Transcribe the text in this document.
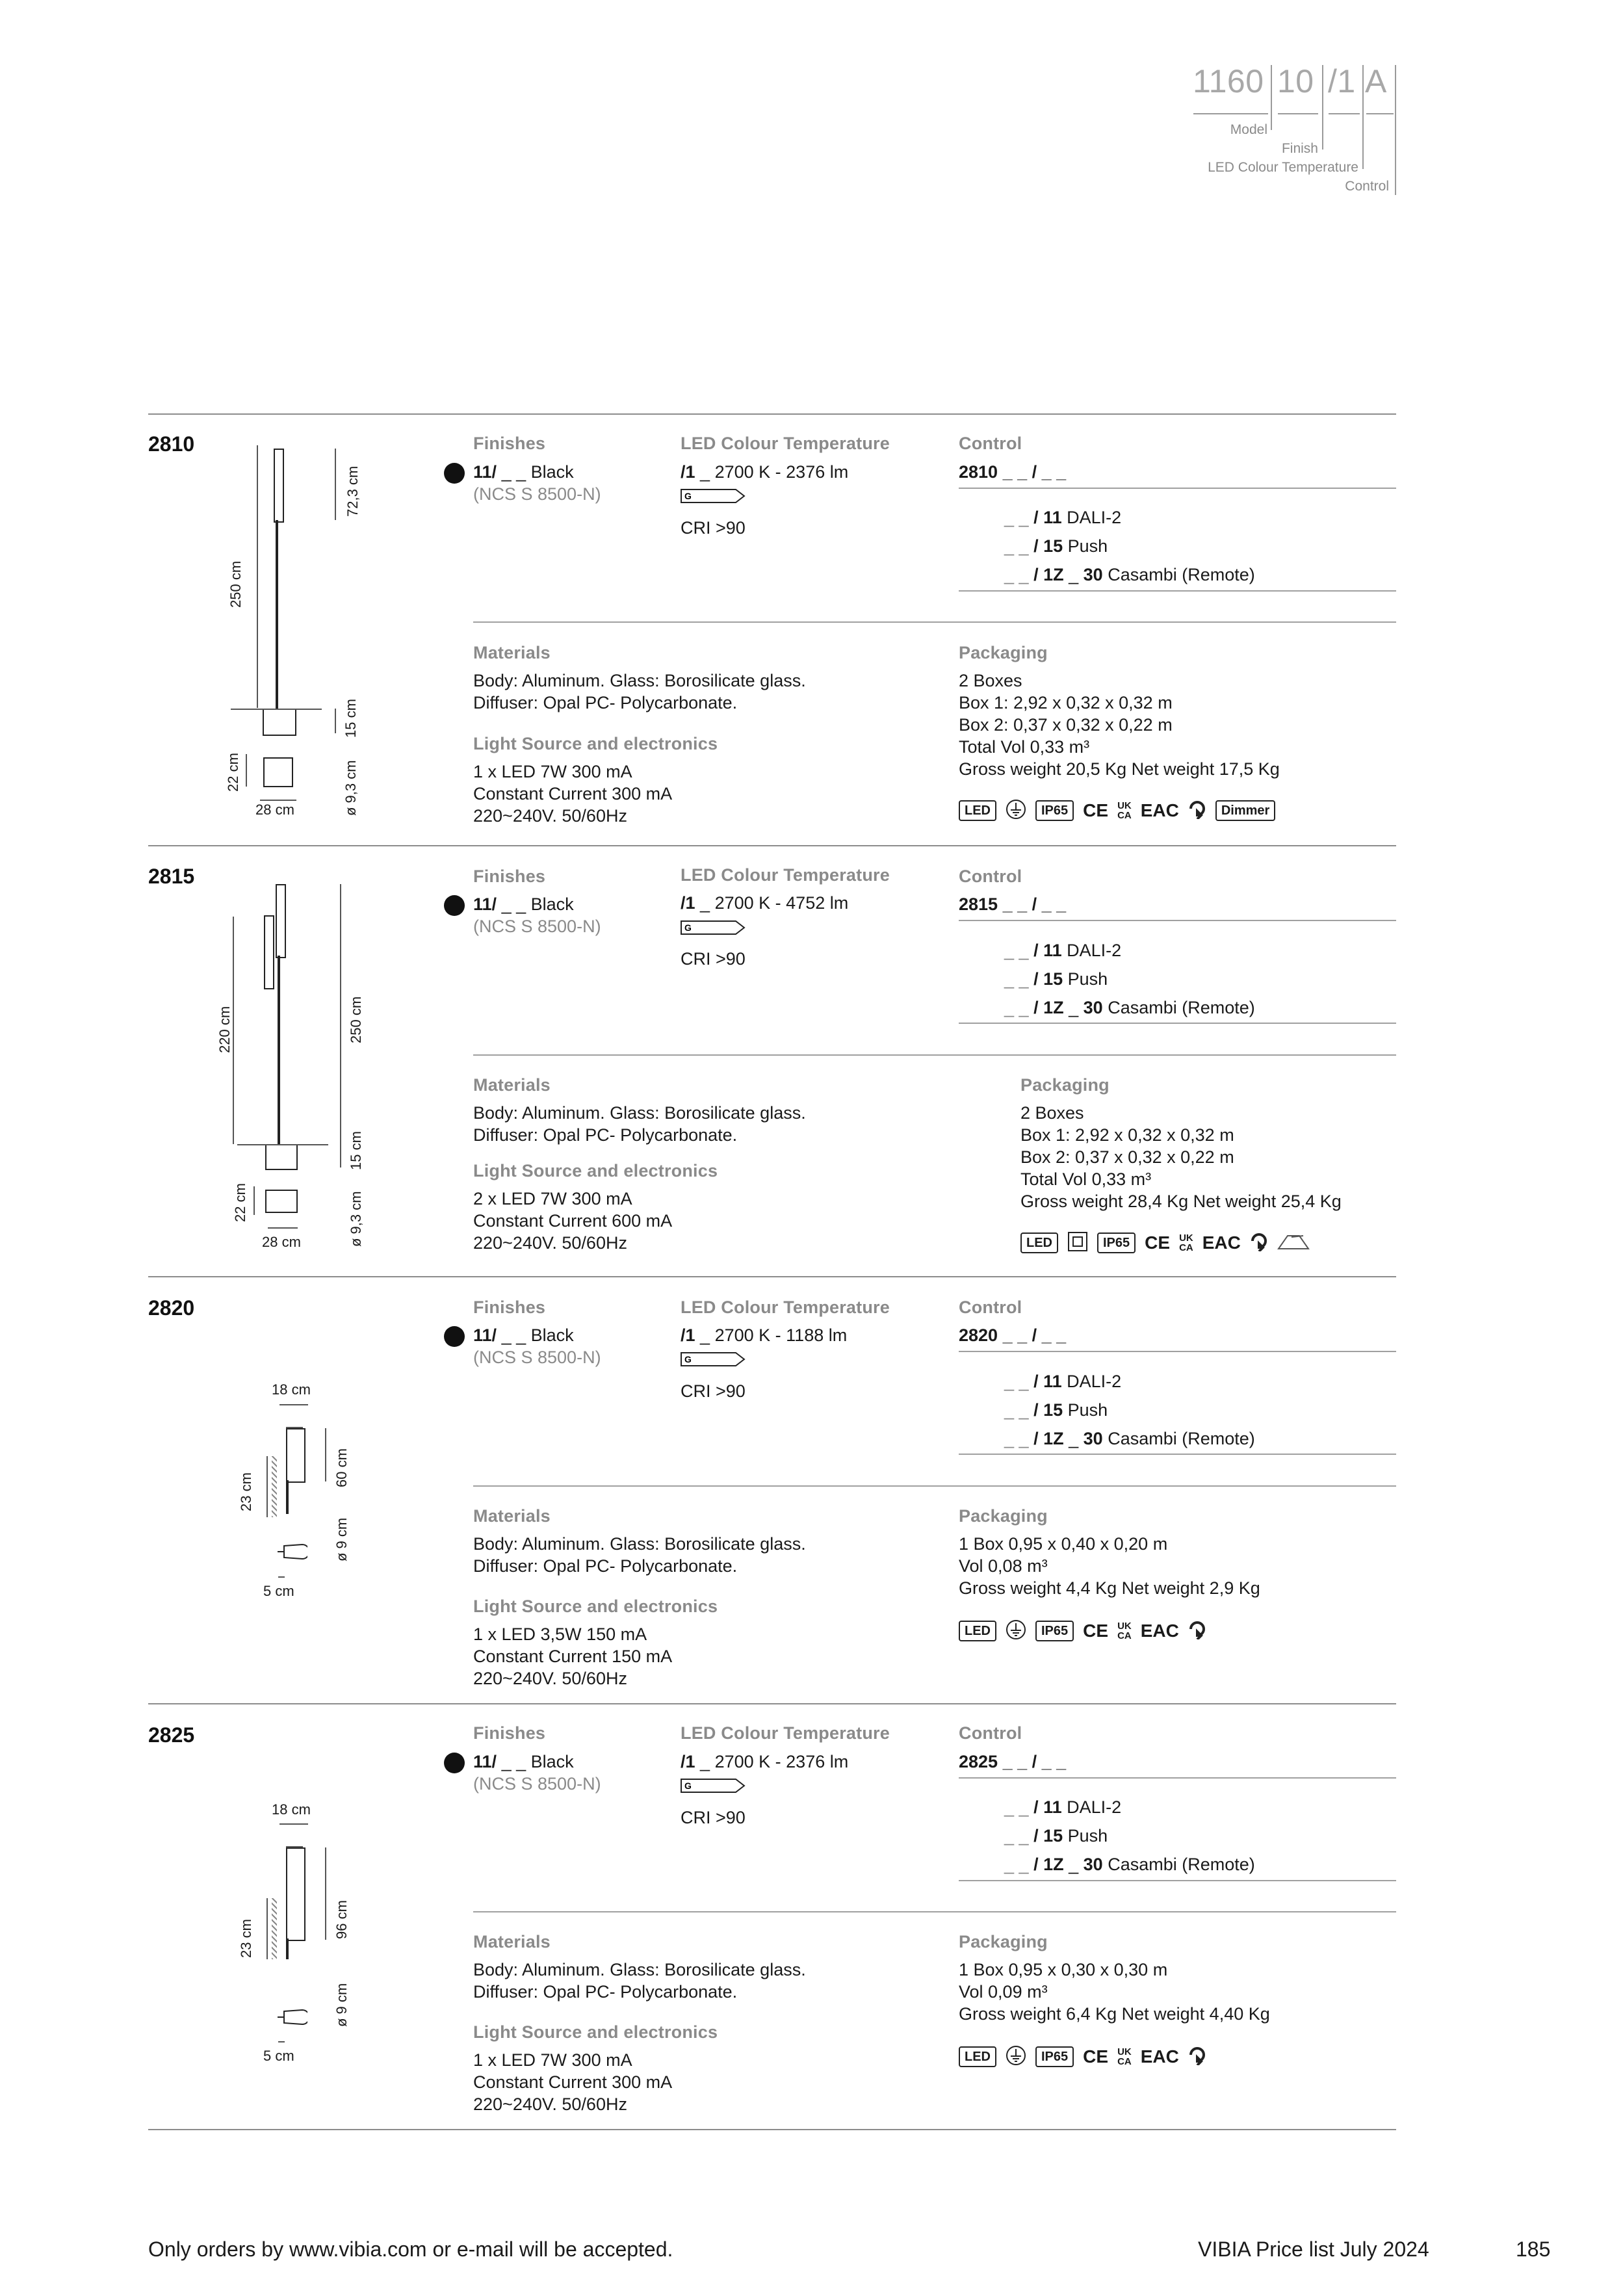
1160 10 /1 A
Model
Finish
LED Colour Temperature
Control
2810
250 cm
72,3 cm
15 cm
22 cm
28 cm	ø 9,3 cm
Finishes
11/ _ _ Black
(NCS S 8500-N)
LED Colour Temperature
/1 _ 2700 K - 2376 lm
G
CRI >90
Control
2810 _ _ / _ _
_ _ / 11 DALI-2
_ _ / 15 Push
_ _ / 1Z _ 30 Casambi (Remote)
Materials
Body: Aluminum. Glass: Borosilicate glass.
Diffuser: Opal PC- Polycarbonate.
Light Source and electronics
1 x LED 7W 300 mA
Constant Current 300 mA
220~240V. 50/60Hz
Packaging
2 Boxes
Box 1: 2,92 x 0,32 x 0,32 m
Box 2: 0,37 x 0,32 x 0,22 m
Total Vol 0,33 m³
Gross weight 20,5 Kg Net weight 17,5 Kg
LED	IP65 CE UK
CA EAC	Dimmer
2815
220 cm	250 cm
15 cm
22 cm
28 cm	ø 9,3 cm
Finishes
11/ _ _ Black
(NCS S 8500-N)
LED Colour Temperature
/1 _ 2700 K - 4752 lm
G
CRI >90
Control
2815 _ _ / _ _
_ _ / 11 DALI-2
_ _ / 15 Push
_ _ / 1Z _ 30 Casambi (Remote)
Materials
Body: Aluminum. Glass: Borosilicate glass.
Diffuser: Opal PC- Polycarbonate.
Light Source and electronics
2 x LED 7W 300 mA
Constant Current 600 mA
220~240V. 50/60Hz
Packaging
2 Boxes
Box 1: 2,92 x 0,32 x 0,32 m
Box 2: 0,37 x 0,32 x 0,22 m
Total Vol 0,33 m³
Gross weight 28,4 Kg Net weight 25,4 Kg
LED	IP65 CE UK
CA EAC
2820
18 cm
60 cm
23 cm
ø 9 cm
5 cm
Finishes
11/ _ _ Black
(NCS S 8500-N)
LED Colour Temperature
/1 _ 2700 K - 1188 lm
G
CRI >90
Control
2820 _ _ / _ _
_ _ / 11 DALI-2
_ _ / 15 Push
_ _ / 1Z _ 30 Casambi (Remote)
Materials
Body: Aluminum. Glass: Borosilicate glass.
Diffuser: Opal PC- Polycarbonate.
Light Source and electronics
1 x LED 3,5W 150 mA
Constant Current 150 mA
220~240V. 50/60Hz
Packaging
1 Box 0,95 x 0,40 x 0,20 m
Vol 0,08 m³
Gross weight 4,4 Kg Net weight 2,9 Kg
LED	IP65 CE UK
CA EAC
2825
18 cm
96 cm
23 cm
ø 9 cm
5 cm
Finishes
11/ _ _ Black
(NCS S 8500-N)
LED Colour Temperature
/1 _ 2700 K - 2376 lm
G
CRI >90
Control
2825 _ _ / _ _
_ _ / 11 DALI-2
_ _ / 15 Push
_ _ / 1Z _ 30 Casambi (Remote)
Materials
Body: Aluminum. Glass: Borosilicate glass.
Diffuser: Opal PC- Polycarbonate.
Light Source and electronics
1 x LED 7W 300 mA
Constant Current 300 mA
220~240V. 50/60Hz
Packaging
1 Box 0,95 x 0,30 x 0,30 m
Vol 0,09 m³
Gross weight 6,4 Kg Net weight 4,40 Kg
LED	IP65 CE UK
CA EAC
Only orders by www.vibia.com or e-mail will be accepted.	VIBIA Price list July 2024	185
